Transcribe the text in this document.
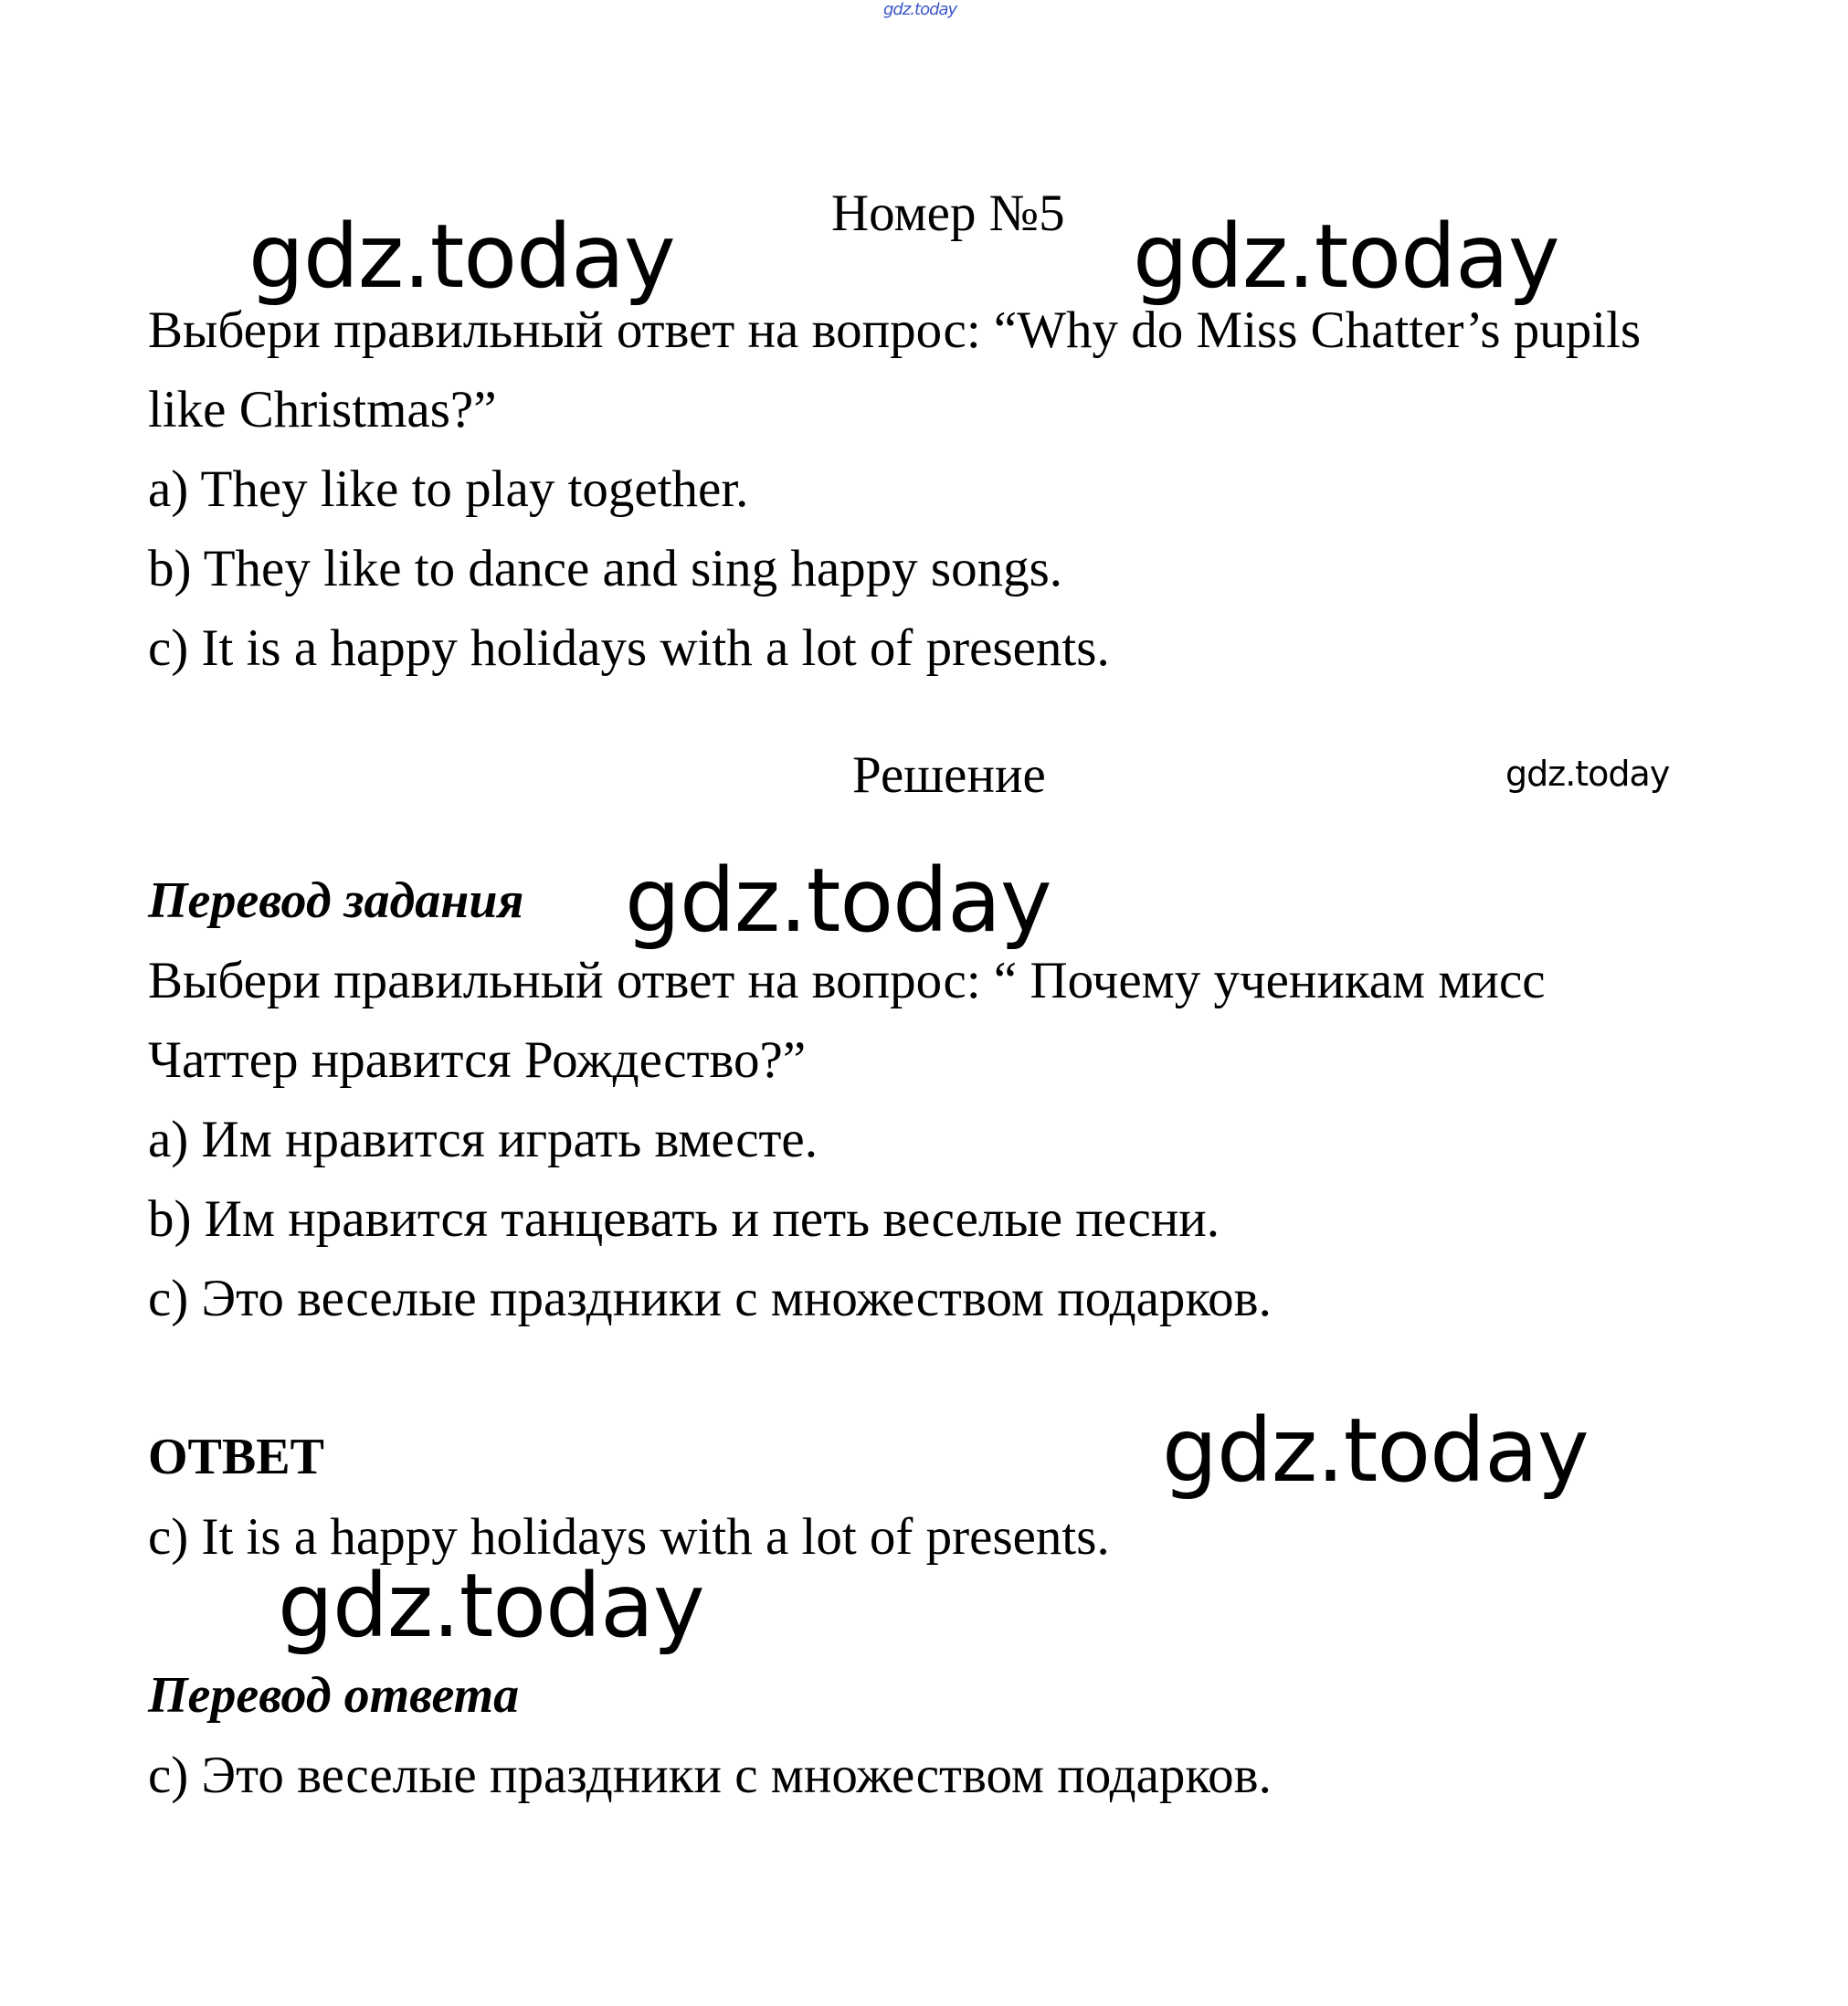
gdz.today
Номер №5
gdz.today	gdz.today
Выбери правильный ответ на вопрос: “Why do Miss Chatter’s pupils
like Christmas?”
a) They like to play together.
b) They like to dance and sing happy songs.
c) It is a happy holidays with a lot of presents.
Решение	gdz.today
Перевод задания gdz.today
Выбери правильный ответ на вопрос: “ Почему ученикам мисс
Чаттер нравится Рождество?”
a) Им нравится играть вместе.
b) Им нравится танцевать и петь веселые песни.
c) Это веселые праздники с множеством подарков.
ОТВЕТ	gdz.today
c) It is a happy holidays with a lot of presents.
gdz.today
Перевод ответа
c) Это веселые праздники с множеством подарков.
